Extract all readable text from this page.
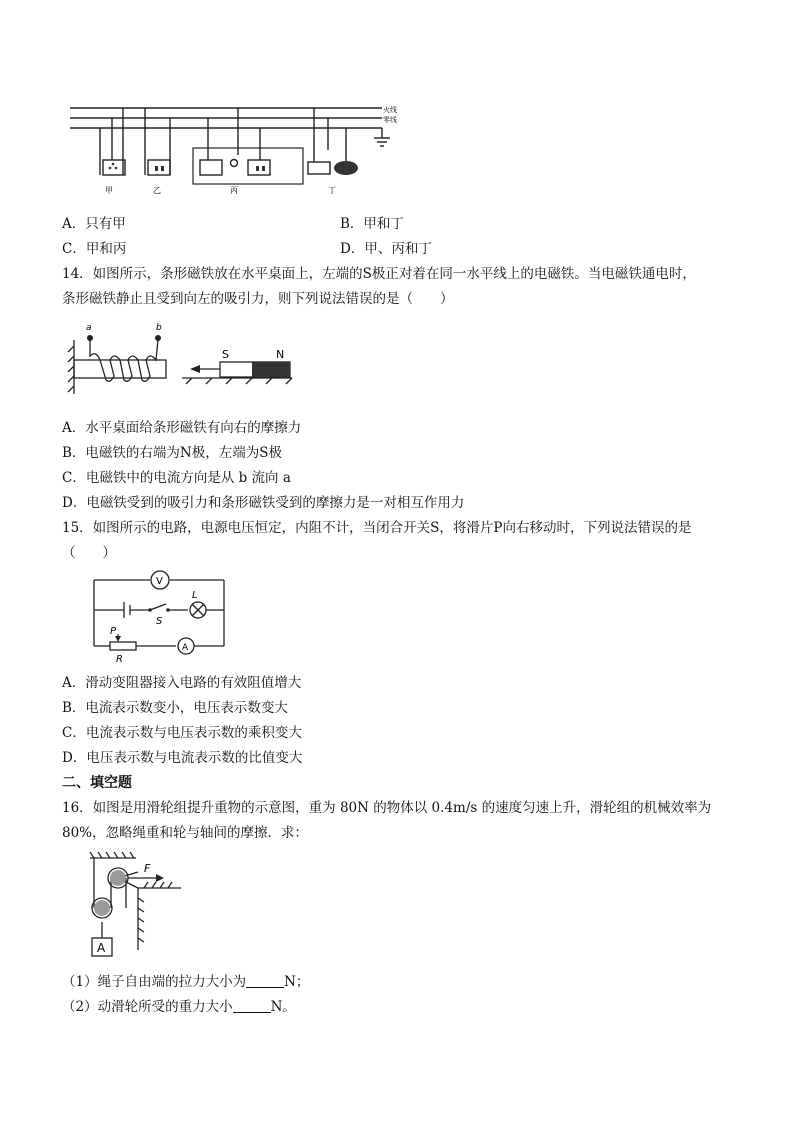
火线
零线
甲	乙	丙	丁
A．只有甲	B．甲和丁
C．甲和丙	D．甲、丙和丁
14．如图所示，条形磁铁放在水平桌面上，左端的S极正对着在同一水平线上的电磁铁。当电磁铁通电时，
条形磁铁静止且受到向左的吸引力，则下列说法错误的是（　　）
a	b
S	N
A．水平桌面给条形磁铁有向右的摩擦力
B．电磁铁的右端为N极，左端为S极
C．电磁铁中的电流方向是从 b 流向 a
D．电磁铁受到的吸引力和条形磁铁受到的摩擦力是一对相互作用力
15．如图所示的电路，电源电压恒定，内阻不计，当闭合开关S，将滑片P向右移动时，下列说法错误的是
（　　）
V
A
L
S
P
R
A．滑动变阻器接入电路的有效阻值增大
B．电流表示数变小，电压表示数变大
C．电流表示数与电压表示数的乘积变大
D．电压表示数与电流表示数的比值变大
二、填空题
16．如图是用滑轮组提升重物的示意图，重为 80N 的物体以 0.4m/s 的速度匀速上升，滑轮组的机械效率为
80%，忽略绳重和轮与轴间的摩擦．求：
F
A
（1）绳子自由端的拉力大小为	N；
（2）动滑轮所受的重力大小	N。
